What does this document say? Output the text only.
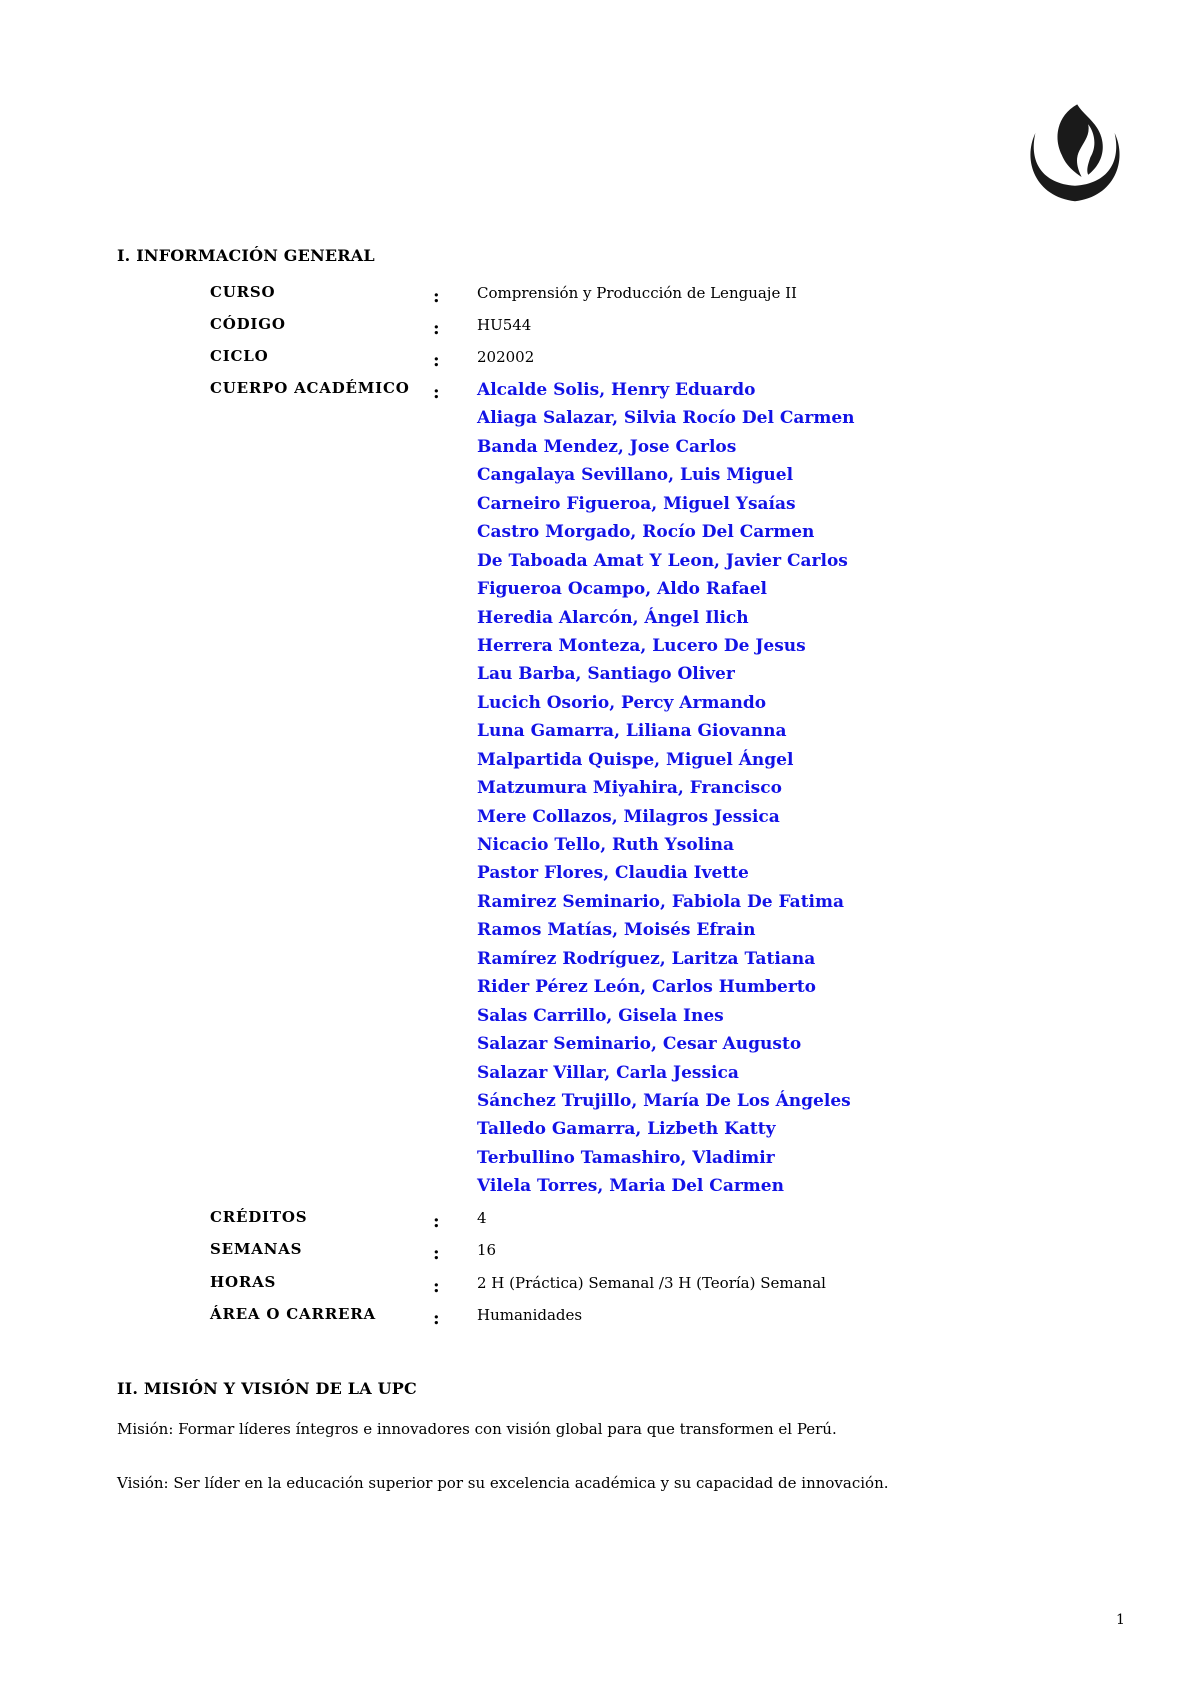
I. INFORMACIÓN GENERAL
CURSO	: Comprensión y Producción de Lenguaje II
CÓDIGO	: HU544
CICLO	: 202002
CUERPO ACADÉMICO : Alcalde Solis, Henry Eduardo
Aliaga Salazar, Silvia Rocío Del Carmen
Banda Mendez, Jose Carlos
Cangalaya Sevillano, Luis Miguel
Carneiro Figueroa, Miguel Ysaías
Castro Morgado, Rocío Del Carmen
De Taboada Amat Y Leon, Javier Carlos
Figueroa Ocampo, Aldo Rafael
Heredia Alarcón, Ángel Ilich
Herrera Monteza, Lucero De Jesus
Lau Barba, Santiago Oliver
Lucich Osorio, Percy Armando
Luna Gamarra, Liliana Giovanna
Malpartida Quispe, Miguel Ángel
Matzumura Miyahira, Francisco
Mere Collazos, Milagros Jessica
Nicacio Tello, Ruth Ysolina
Pastor Flores, Claudia Ivette
Ramirez Seminario, Fabiola De Fatima
Ramos Matías, Moisés Efrain
Ramírez Rodríguez, Laritza Tatiana
Rider Pérez León, Carlos Humberto
Salas Carrillo, Gisela Ines
Salazar Seminario, Cesar Augusto
Salazar Villar, Carla Jessica
Sánchez Trujillo, María De Los Ángeles
Talledo Gamarra, Lizbeth Katty
Terbullino Tamashiro, Vladimir
Vilela Torres, Maria Del Carmen
CRÉDITOS	: 4
SEMANAS	: 16
HORAS	: 2 H (Práctica) Semanal /3 H (Teoría) Semanal
ÁREA O CARRERA	: Humanidades
II. MISIÓN Y VISIÓN DE LA UPC
Misión: Formar líderes íntegros e innovadores con visión global para que transformen el Perú.
Visión: Ser líder en la educación superior por su excelencia académica y su capacidad de innovación.
1
